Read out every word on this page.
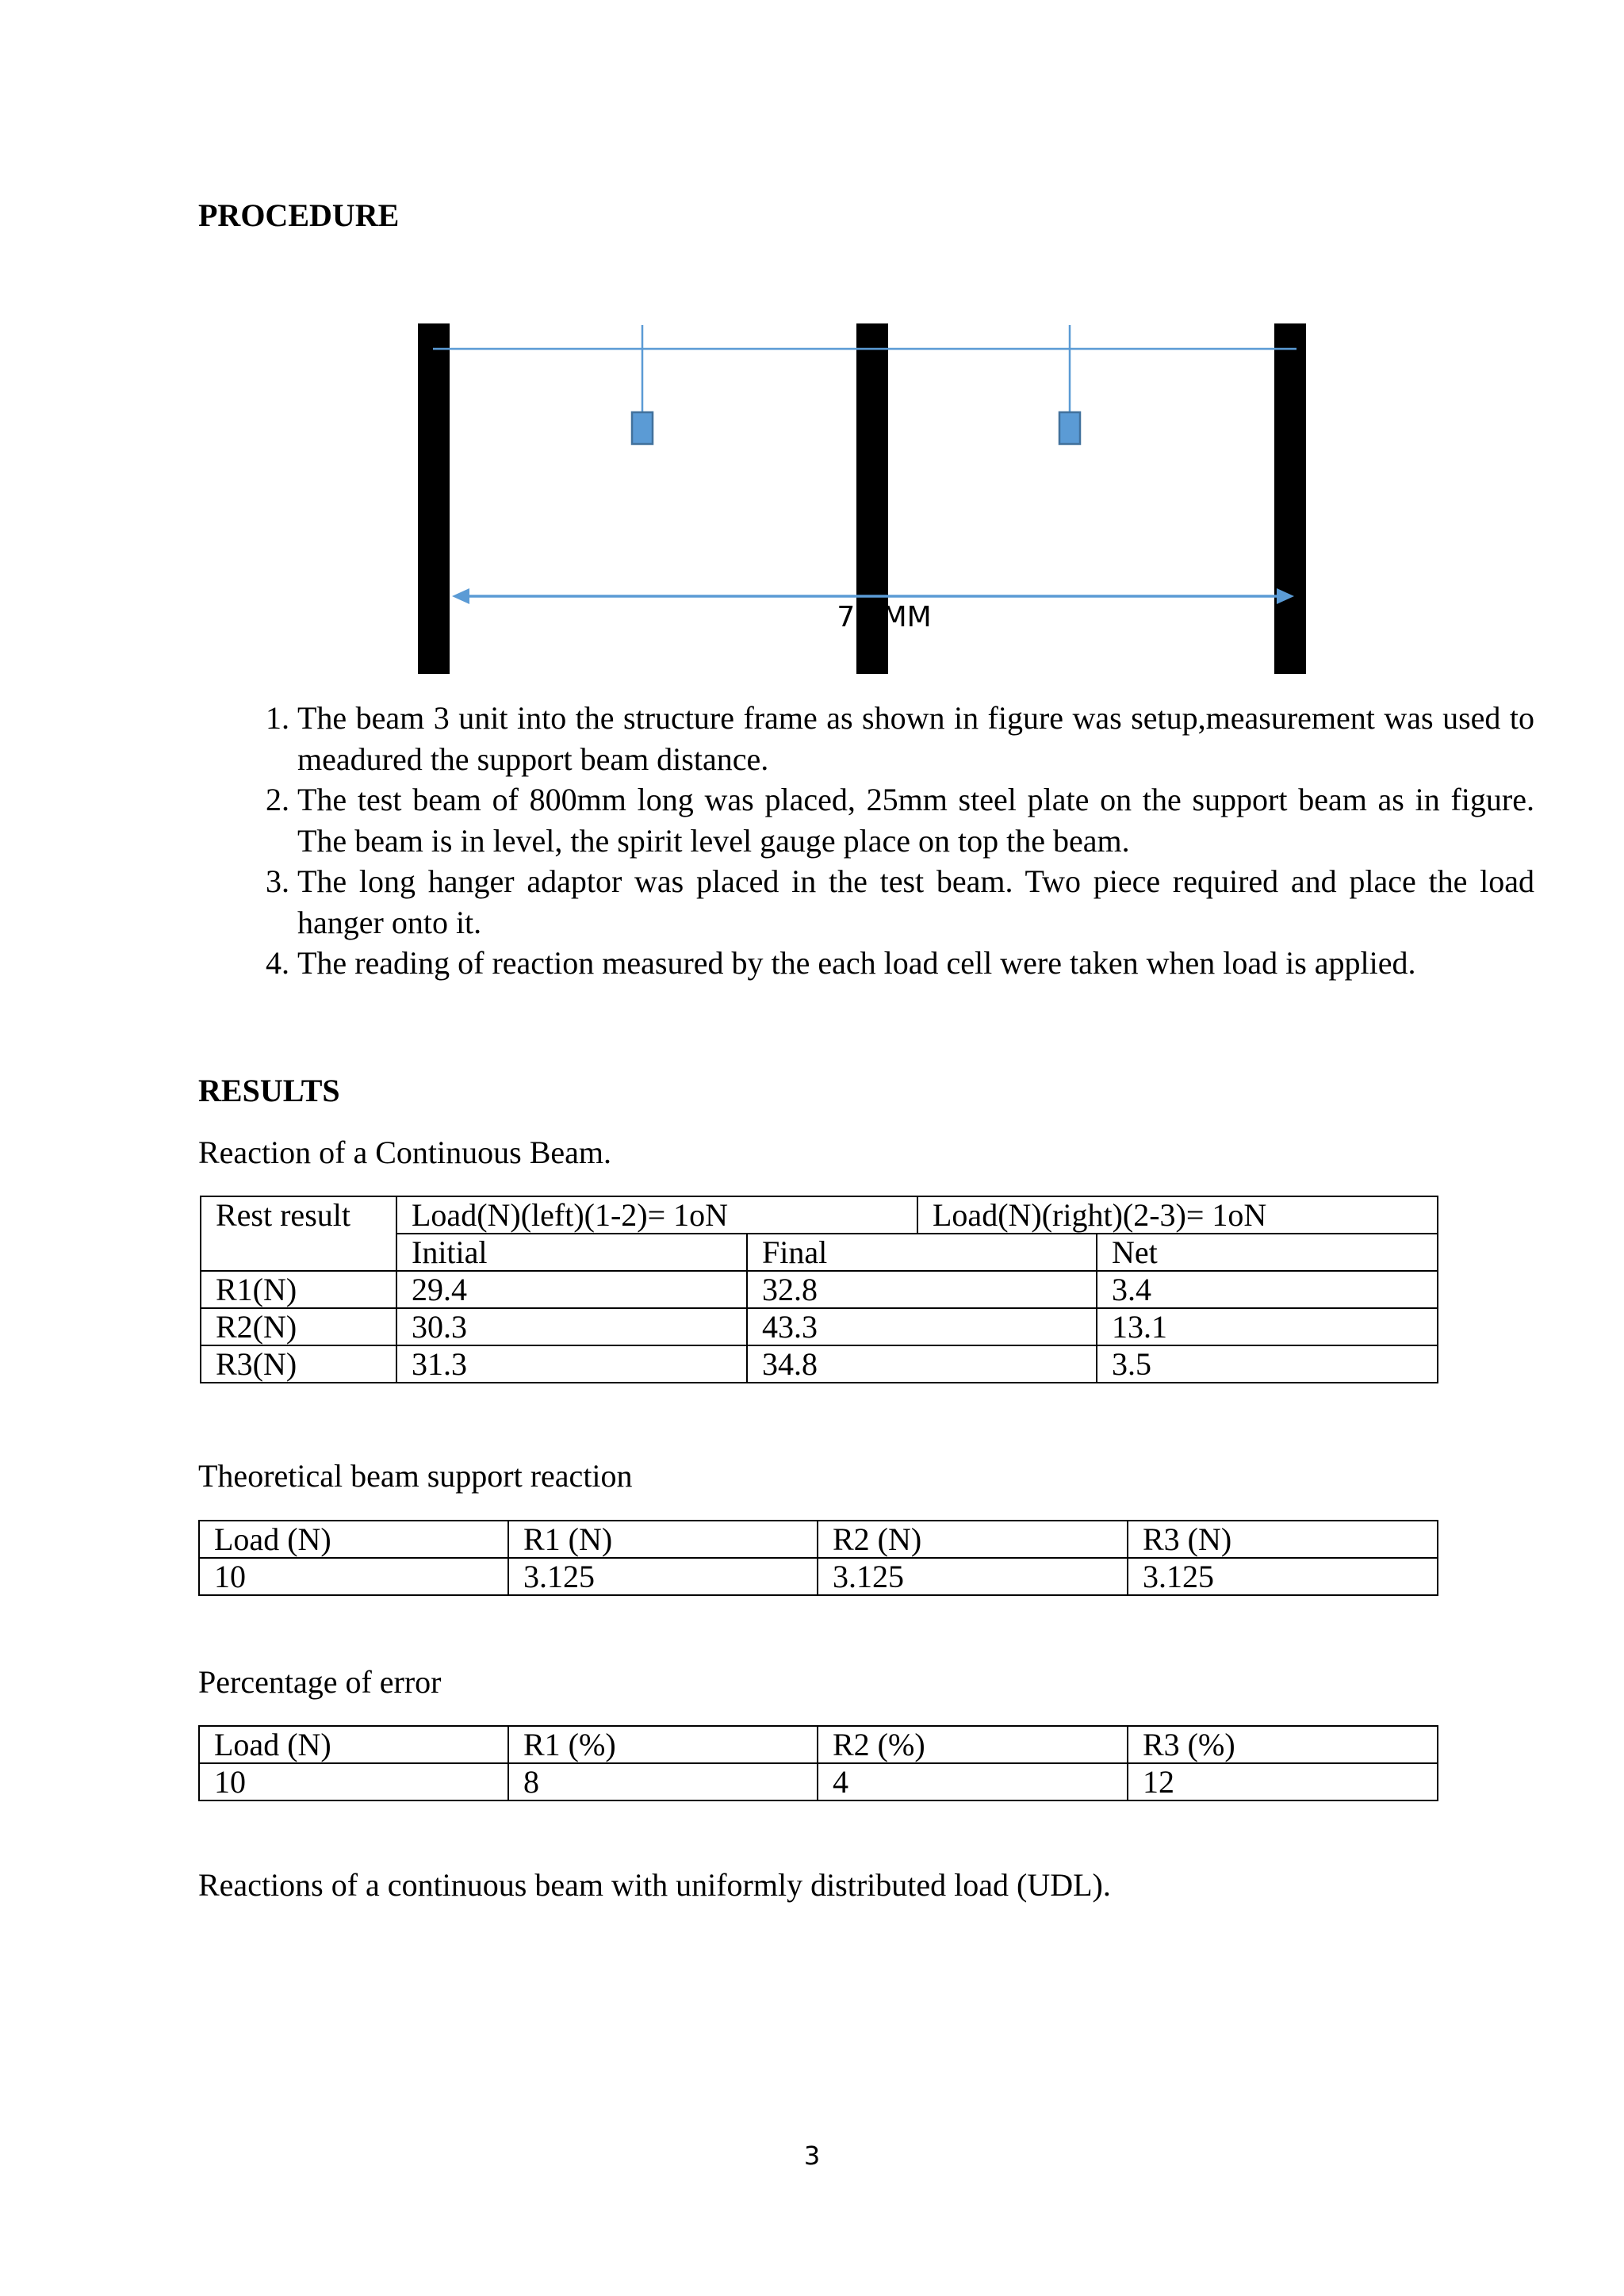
PROCEDURE
75 MM
1. The beam 3 unit into the structure frame as shown in figure was setup,measurement was used to meadured the support beam distance.
2. The test beam of 800mm long was placed, 25mm steel plate on the support beam as in figure. The beam is in level, the spirit level gauge place on top the beam.
3. The long hanger adaptor was placed in the test beam. Two piece required and place the load hanger onto it.
4. The reading of reaction measured by the each load cell were taken when load is applied.
RESULTS
Reaction of a Continuous Beam.
Rest result	Load(N)(left)(1-2)= 1oN		Load(N)(right)(2-3)= 1oN	
	Initial	Final		Net
R1(N)	29.4	32.8		3.4
R2(N)	30.3	43.3		13.1
R3(N)	31.3	34.8		3.5
Theoretical beam support reaction
Load (N)	R1 (N)	R2 (N)	R3 (N)
10	3.125	3.125	3.125
Percentage of error
Load (N)	R1 (%)	R2 (%)	R3 (%)
10	8	4	12
Reactions of a continuous beam with uniformly distributed load (UDL).
3
